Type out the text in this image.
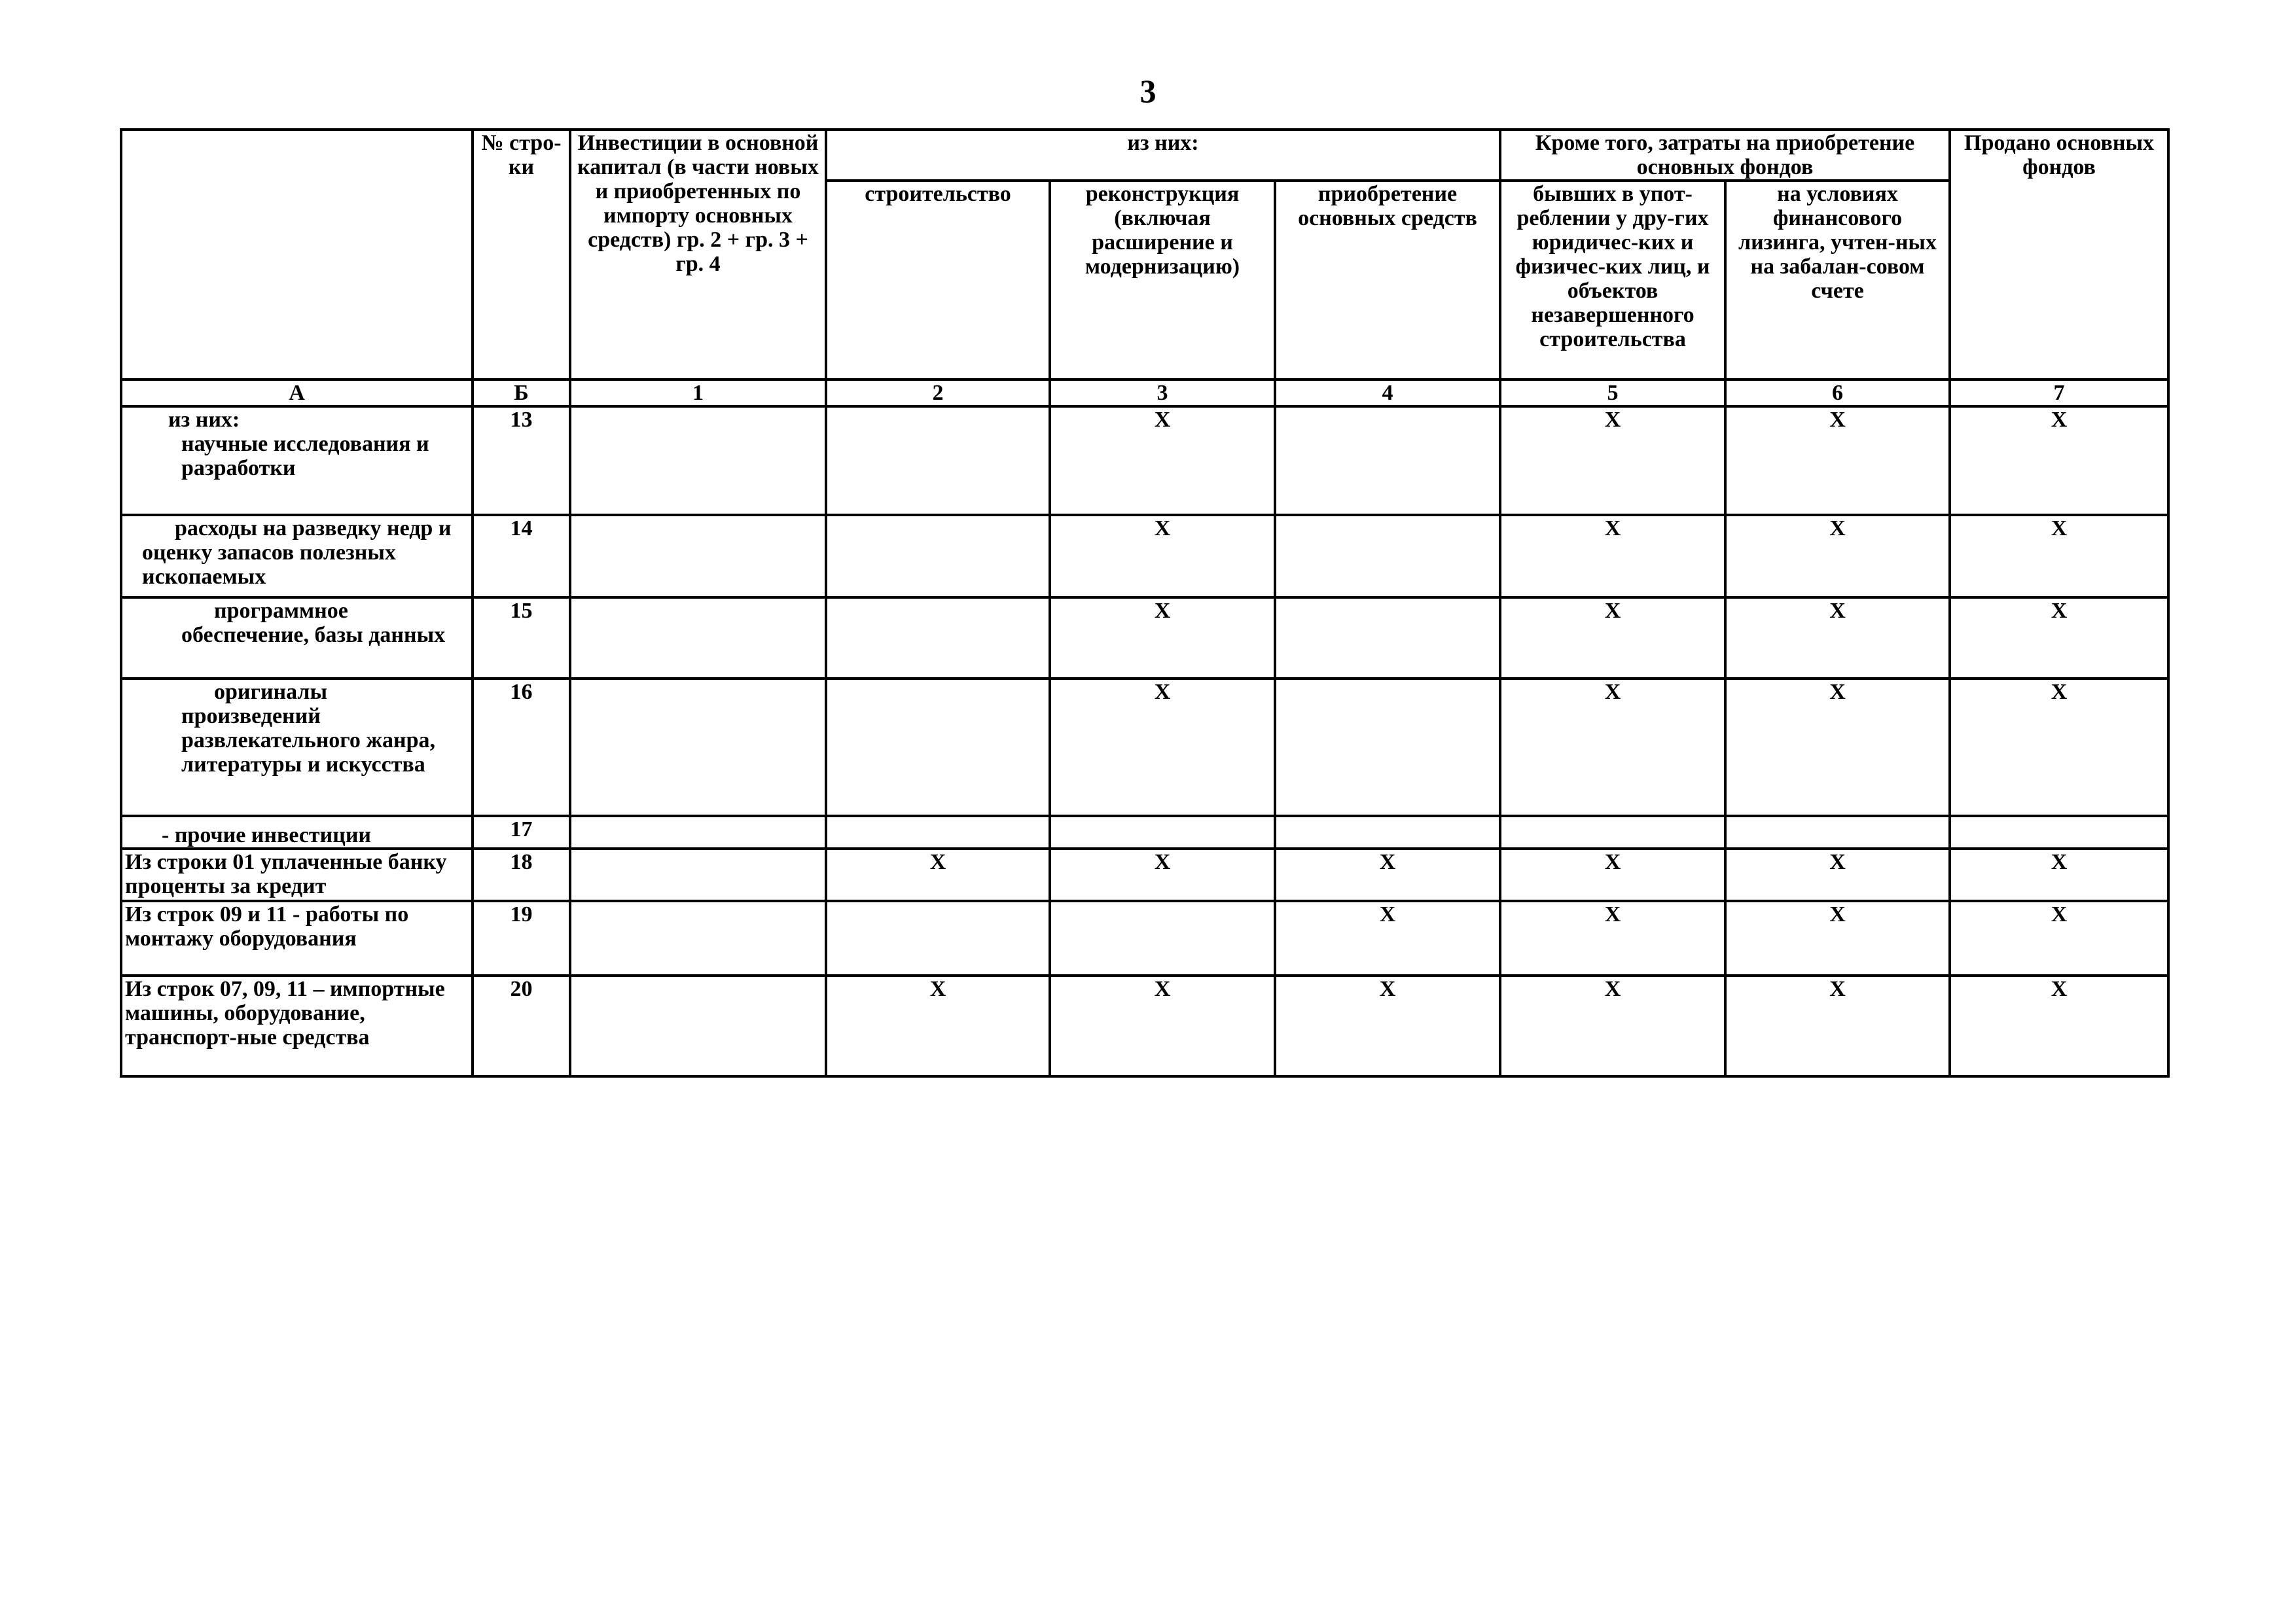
3
	№ стро-ки	Инвестиции в основной капитал (в части новых и приобретенных по импорту основных средств) гр. 2 + гр. 3 + гр. 4	из них:			Кроме того, затраты на приобретение основных фондов		Продано основных фондов
			строительство	реконструкция (включая расширение и модернизацию)	приобретение основных средств	бывших в упот-реблении у дру-гих юридичес-ких и физичес-ких лиц, и объектов незавершенного строительства	на условиях финансового лизинга, учтен-ных на забалан-совом счете	
А	Б	1	2	3	4	5	6	7

из них:
научные исследования и разработки	13			X		X	X	X

расходы на разведку недр и оценку запасов полезных ископаемых	14			X		X	X	X

программное обеспечение, базы данных	15			X		X	X	X

оригиналы произведений развлекательного жанра, литературы и искусства	16			X		X	X	X
- прочие инвестиции	17							
Из строки 01 уплаченные банку проценты за кредит	18		X	X	X	X	X	X
Из строк 09 и 11 - работы по монтажу оборудования	19				X	X	X	X
Из строк 07, 09, 11 – импортные машины, оборудование, транспорт-ные средства	20		X	X	X	X	X	X
